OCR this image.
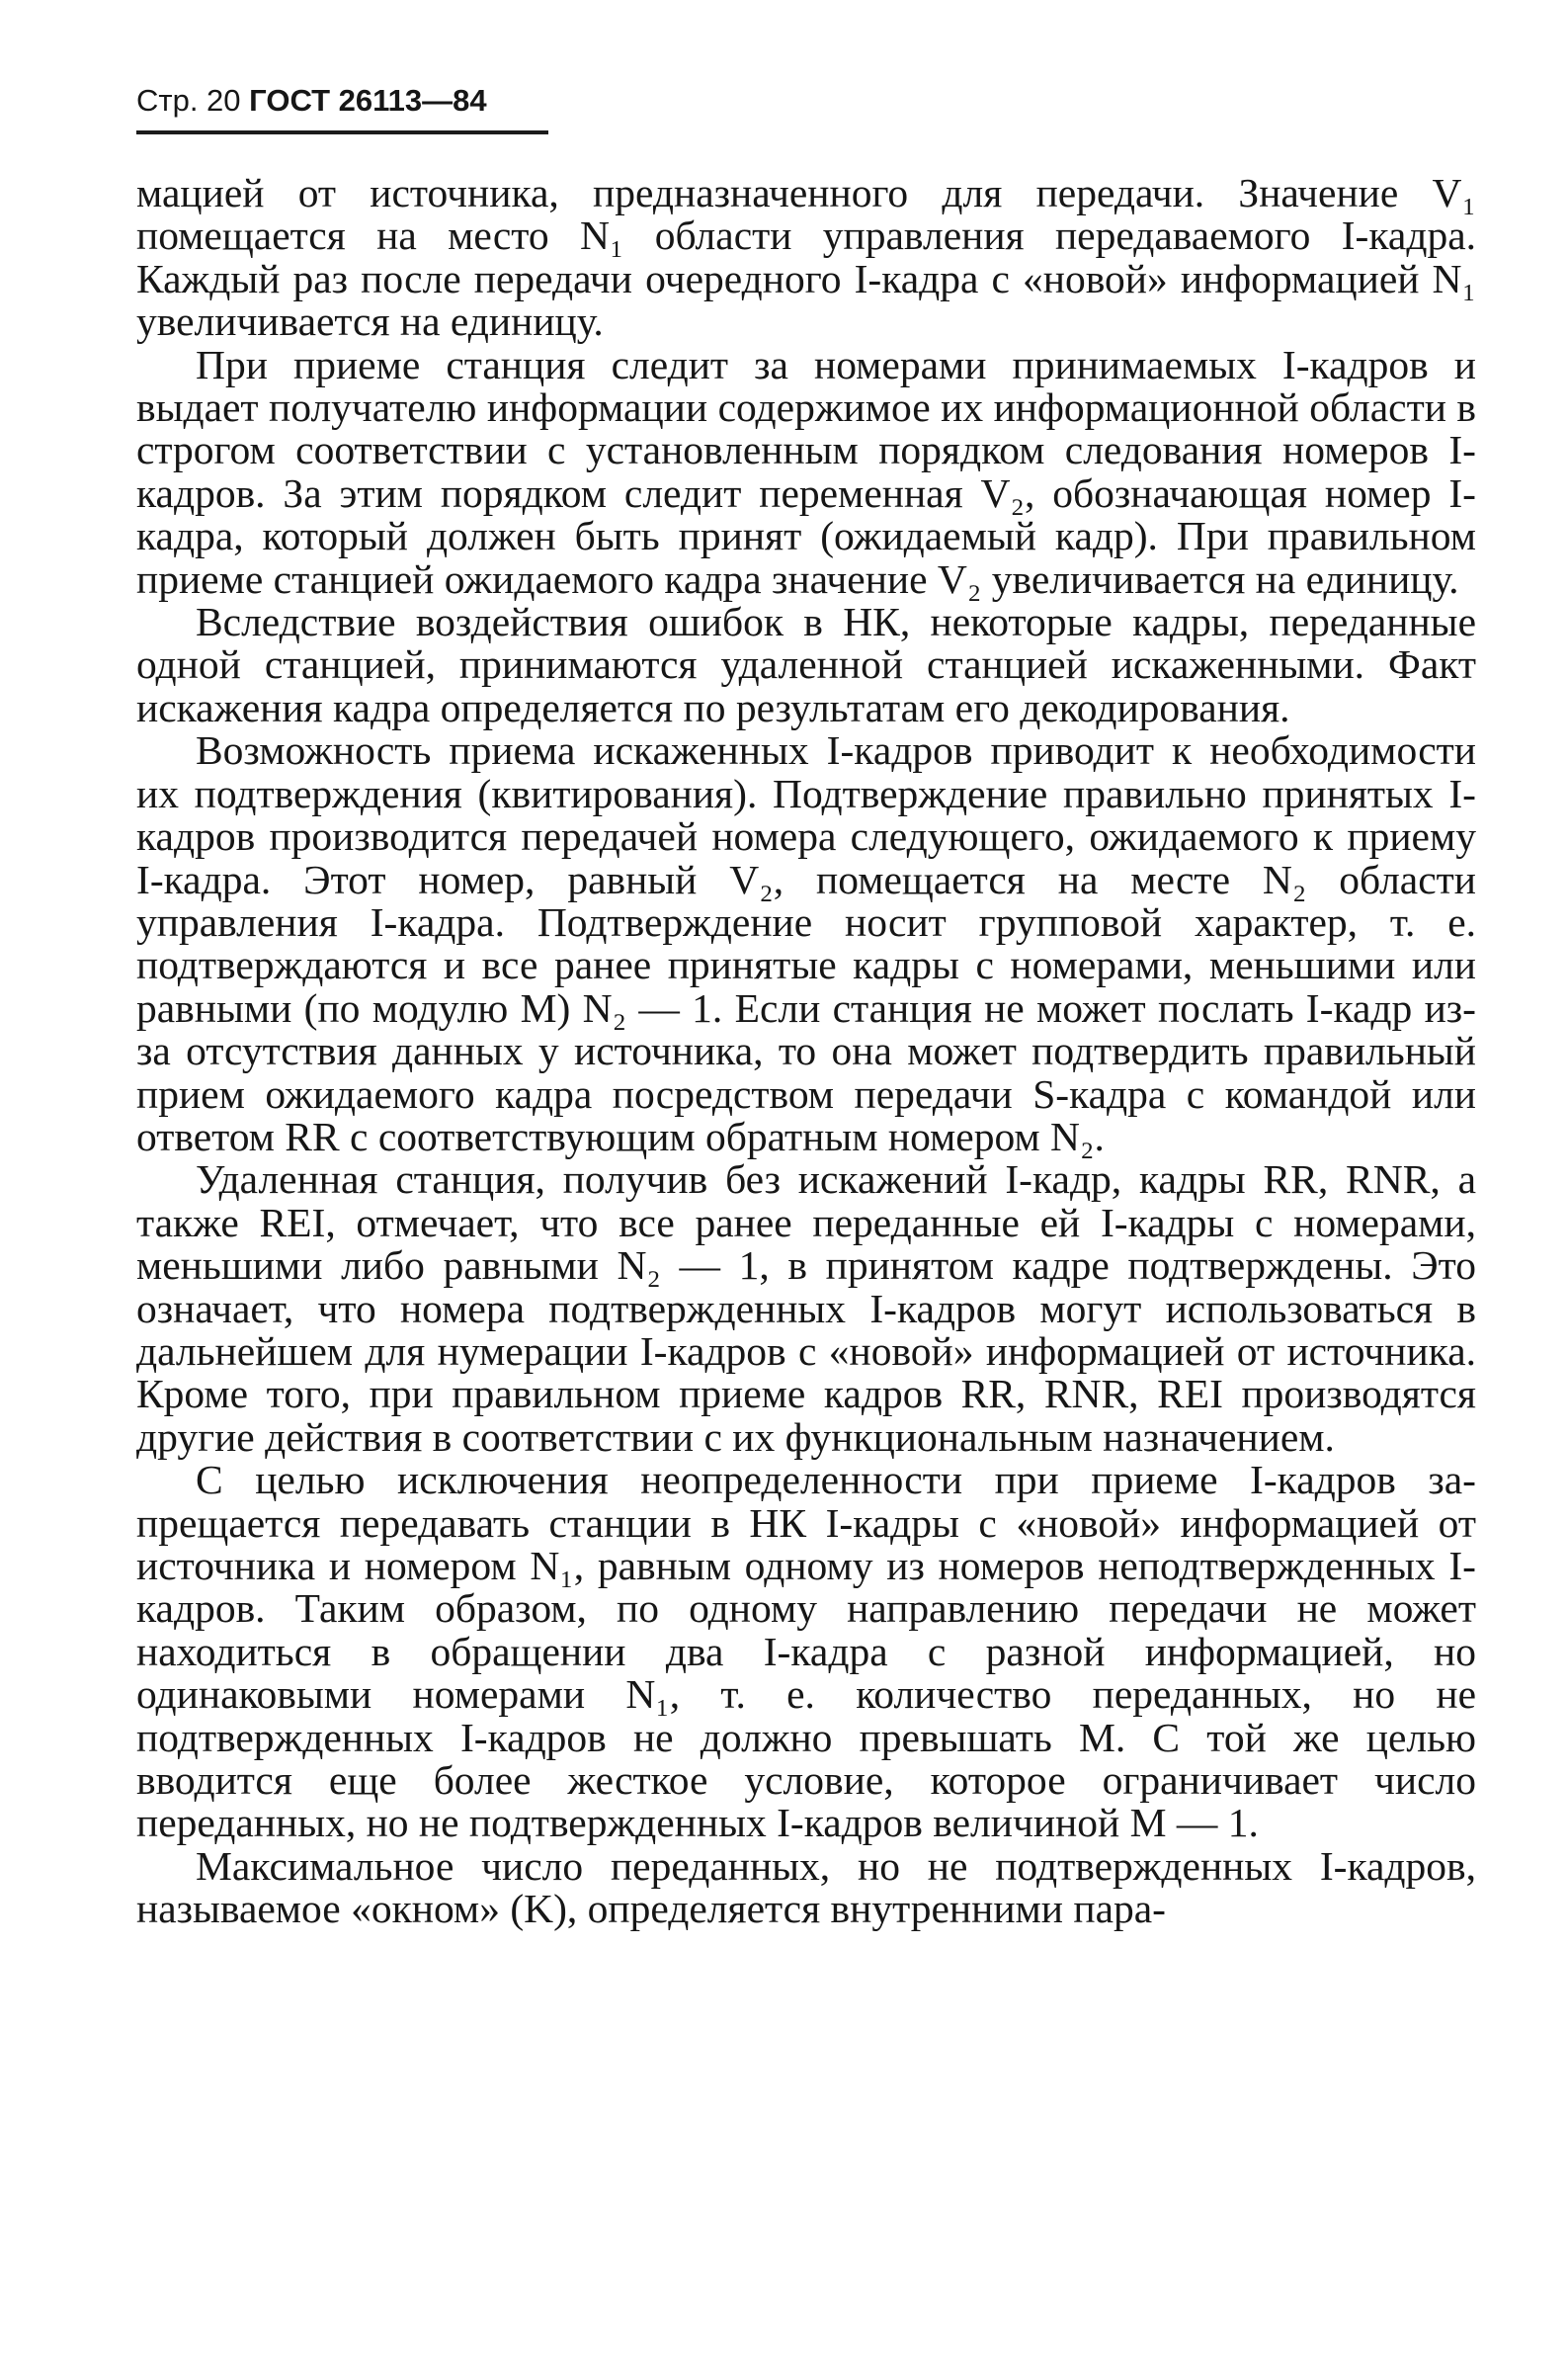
Стр. 20 ГОСТ 26113—84

мацией от источника, предназначенного для передачи. Значение V₁ помещается на место N₁ области управления передаваемого I-кадра. Каждый раз после передачи очередного I-кадра с «новой» информацией N₁ увеличивается на единицу.

При приеме станция следит за номерами принимаемых I-кадров и выдает получателю информации содержимое их информационной области в строгом соответствии с установленным порядком следования номеров I-кадров. За этим порядком следит переменная V₂, обозначающая номер I-кадра, который должен быть принят (ожидаемый кадр). При правильном приеме станцией ожидаемого кадра значение V₂ увеличивается на единицу.

Вследствие воздействия ошибок в НК, некоторые кадры, переданные одной станцией, принимаются удаленной станцией искаженными. Факт искажения кадра определяется по результатам его декодирования.

Возможность приема искаженных I-кадров приводит к необходимости их подтверждения (квитирования). Подтверждение правильно принятых I-кадров производится передачей номера следующего, ожидаемого к приему I-кадра. Этот номер, равный V₂, помещается на месте N₂ области управления I-кадра. Подтверждение носит групповой характер, т. е. подтверждаются и все ранее принятые кадры с номерами, меньшими или равными (по модулю M) N₂ — 1. Если станция не может послать I-кадр из-за отсутствия данных у источника, то она может подтвердить правильный прием ожидаемого кадра посредством передачи S-кадра с командой или ответом RR с соответствующим обратным номером N₂.

Удаленная станция, получив без искажений I-кадр, кадры RR, RNR, а также REI, отмечает, что все ранее переданные ей I-кадры с номерами, меньшими либо равными N₂ — 1, в принятом кадре подтверждены. Это означает, что номера подтвержденных I-кадров могут использоваться в дальнейшем для нумерации I-кадров с «новой» информацией от источника. Кроме того, при правильном приеме кадров RR, RNR, REI производятся другие действия в соответствии с их функциональным назначением.

С целью исключения неопределенности при приеме I-кадров запрещается передавать станции в НК I-кадры с «новой» информацией от источника и номером N₁, равным одному из номеров неподтвержденных I-кадров. Таким образом, по одному направлению передачи не может находиться в обращении два I-кадра с разной информацией, но одинаковыми номерами N₁, т. е. количество переданных, но не подтвержденных I-кадров не должно превышать M. С той же целью вводится еще более жесткое условие, которое ограничивает число переданных, но не подтвержденных I-кадров величиной M — 1.

Максимальное число переданных, но не подтвержденных I-кадров, называемое «окном» (K), определяется внутренними пара-
